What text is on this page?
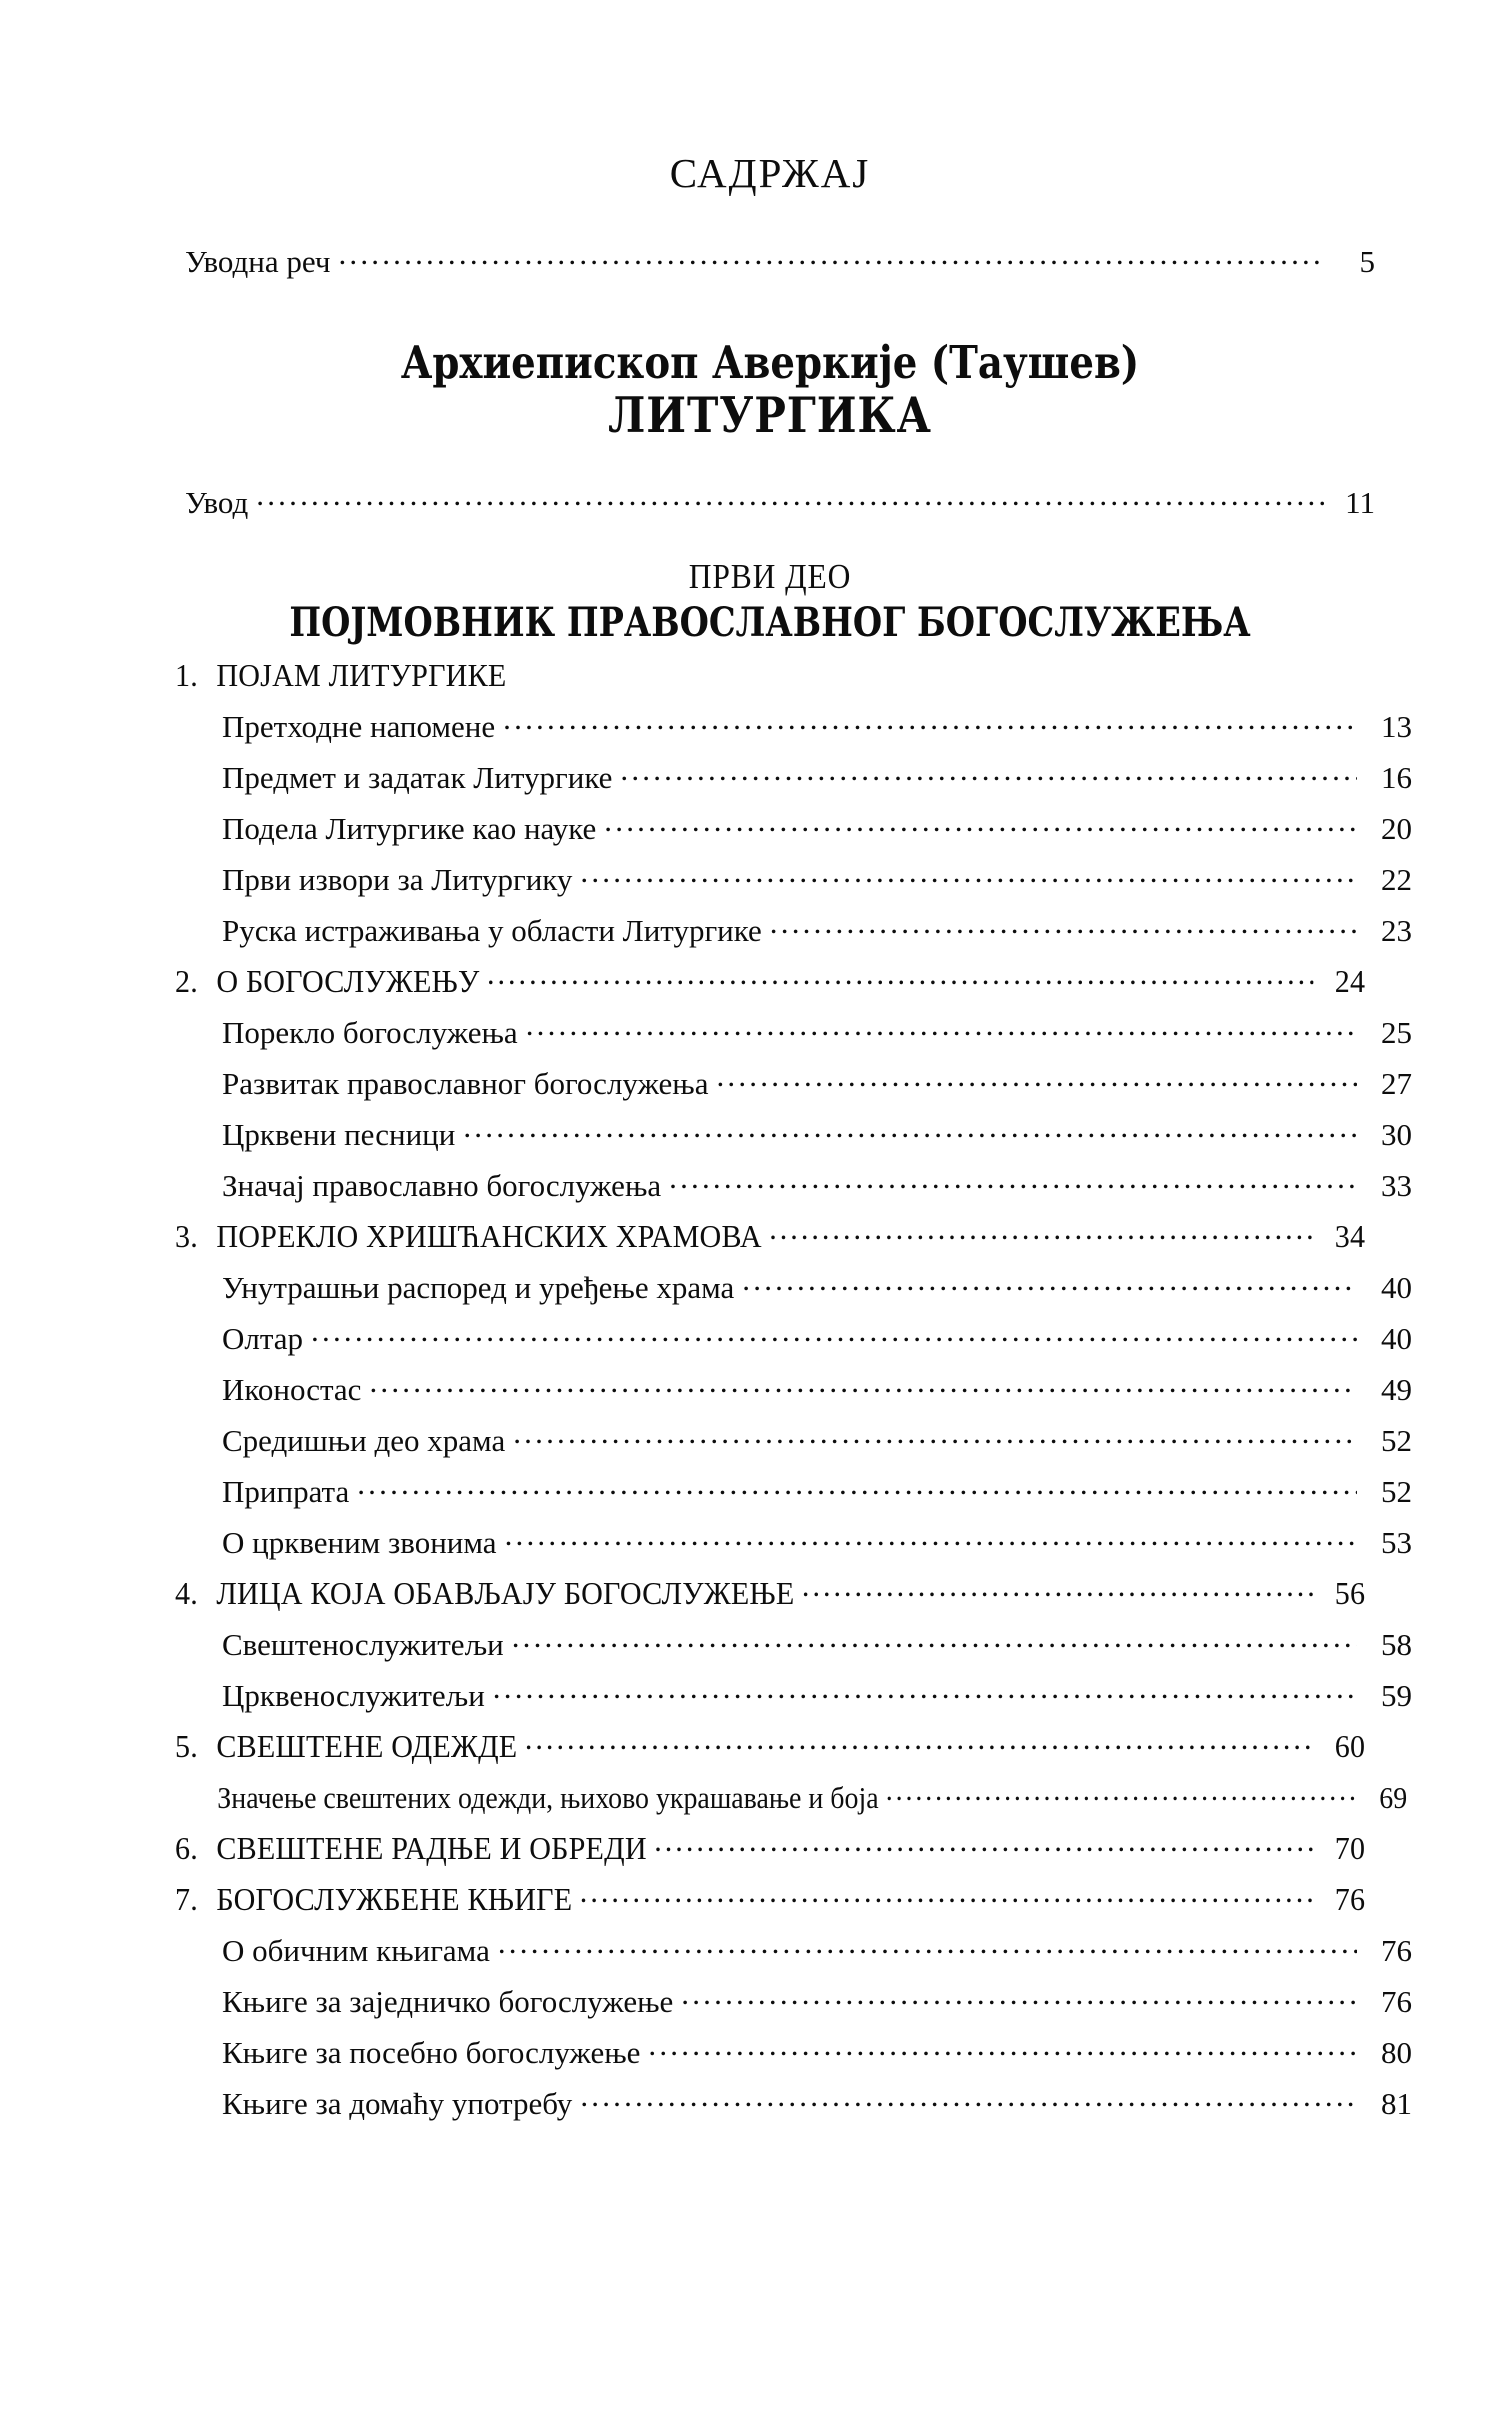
САДРЖАЈ
Уводна реч .....	5
Архиепископ Аверкије (Таушев)
ЛИТУРГИКА
Увод .....	11
ПРВИ ДЕО
ПОЈМОВНИК ПРАВОСЛАВНОГ БОГОСЛУЖЕЊА
1. ПОЈАМ ЛИТУРГИКЕ
Претходне напомене .....	13
Предмет и задатак Литургике .....	16
Подела Литургике као науке .....	20
Први извори за Литургику .....	22
Руска истраживања у области Литургике .....	23
2. О БОГОСЛУЖЕЊУ .....	24
Порекло богослужења .....	25
Развитак православног богослужења .....	27
Црквени песници .....	30
Значај православно богослужења .....	33
3. ПОРЕКЛО ХРИШЋАНСКИХ ХРАМОВА .....	34
Унутрашњи распоред и уређење храма .....	40
Олтар .....	40
Иконостас .....	49
Средишњи део храма .....	52
Припрата .....	52
О црквеним звонима .....	53
4. ЛИЦА КОЈА ОБАВЉАЈУ БОГОСЛУЖЕЊЕ .....	56
Свештенослужитељи .....	58
Црквенослужитељи .....	59
5. СВЕШТЕНЕ ОДЕЖДЕ .....	60
Значење свештених одежди, њихово украшавање и боја .....	69
6. СВЕШТЕНЕ РАДЊЕ И ОБРЕДИ .....	70
7. БОГОСЛУЖБЕНЕ КЊИГЕ .....	76
О обичним књигама .....	76
Књиге за заједничко богослужење .....	76
Књиге за посебно богослужење .....	80
Књиге за домаћу употребу .....	81
